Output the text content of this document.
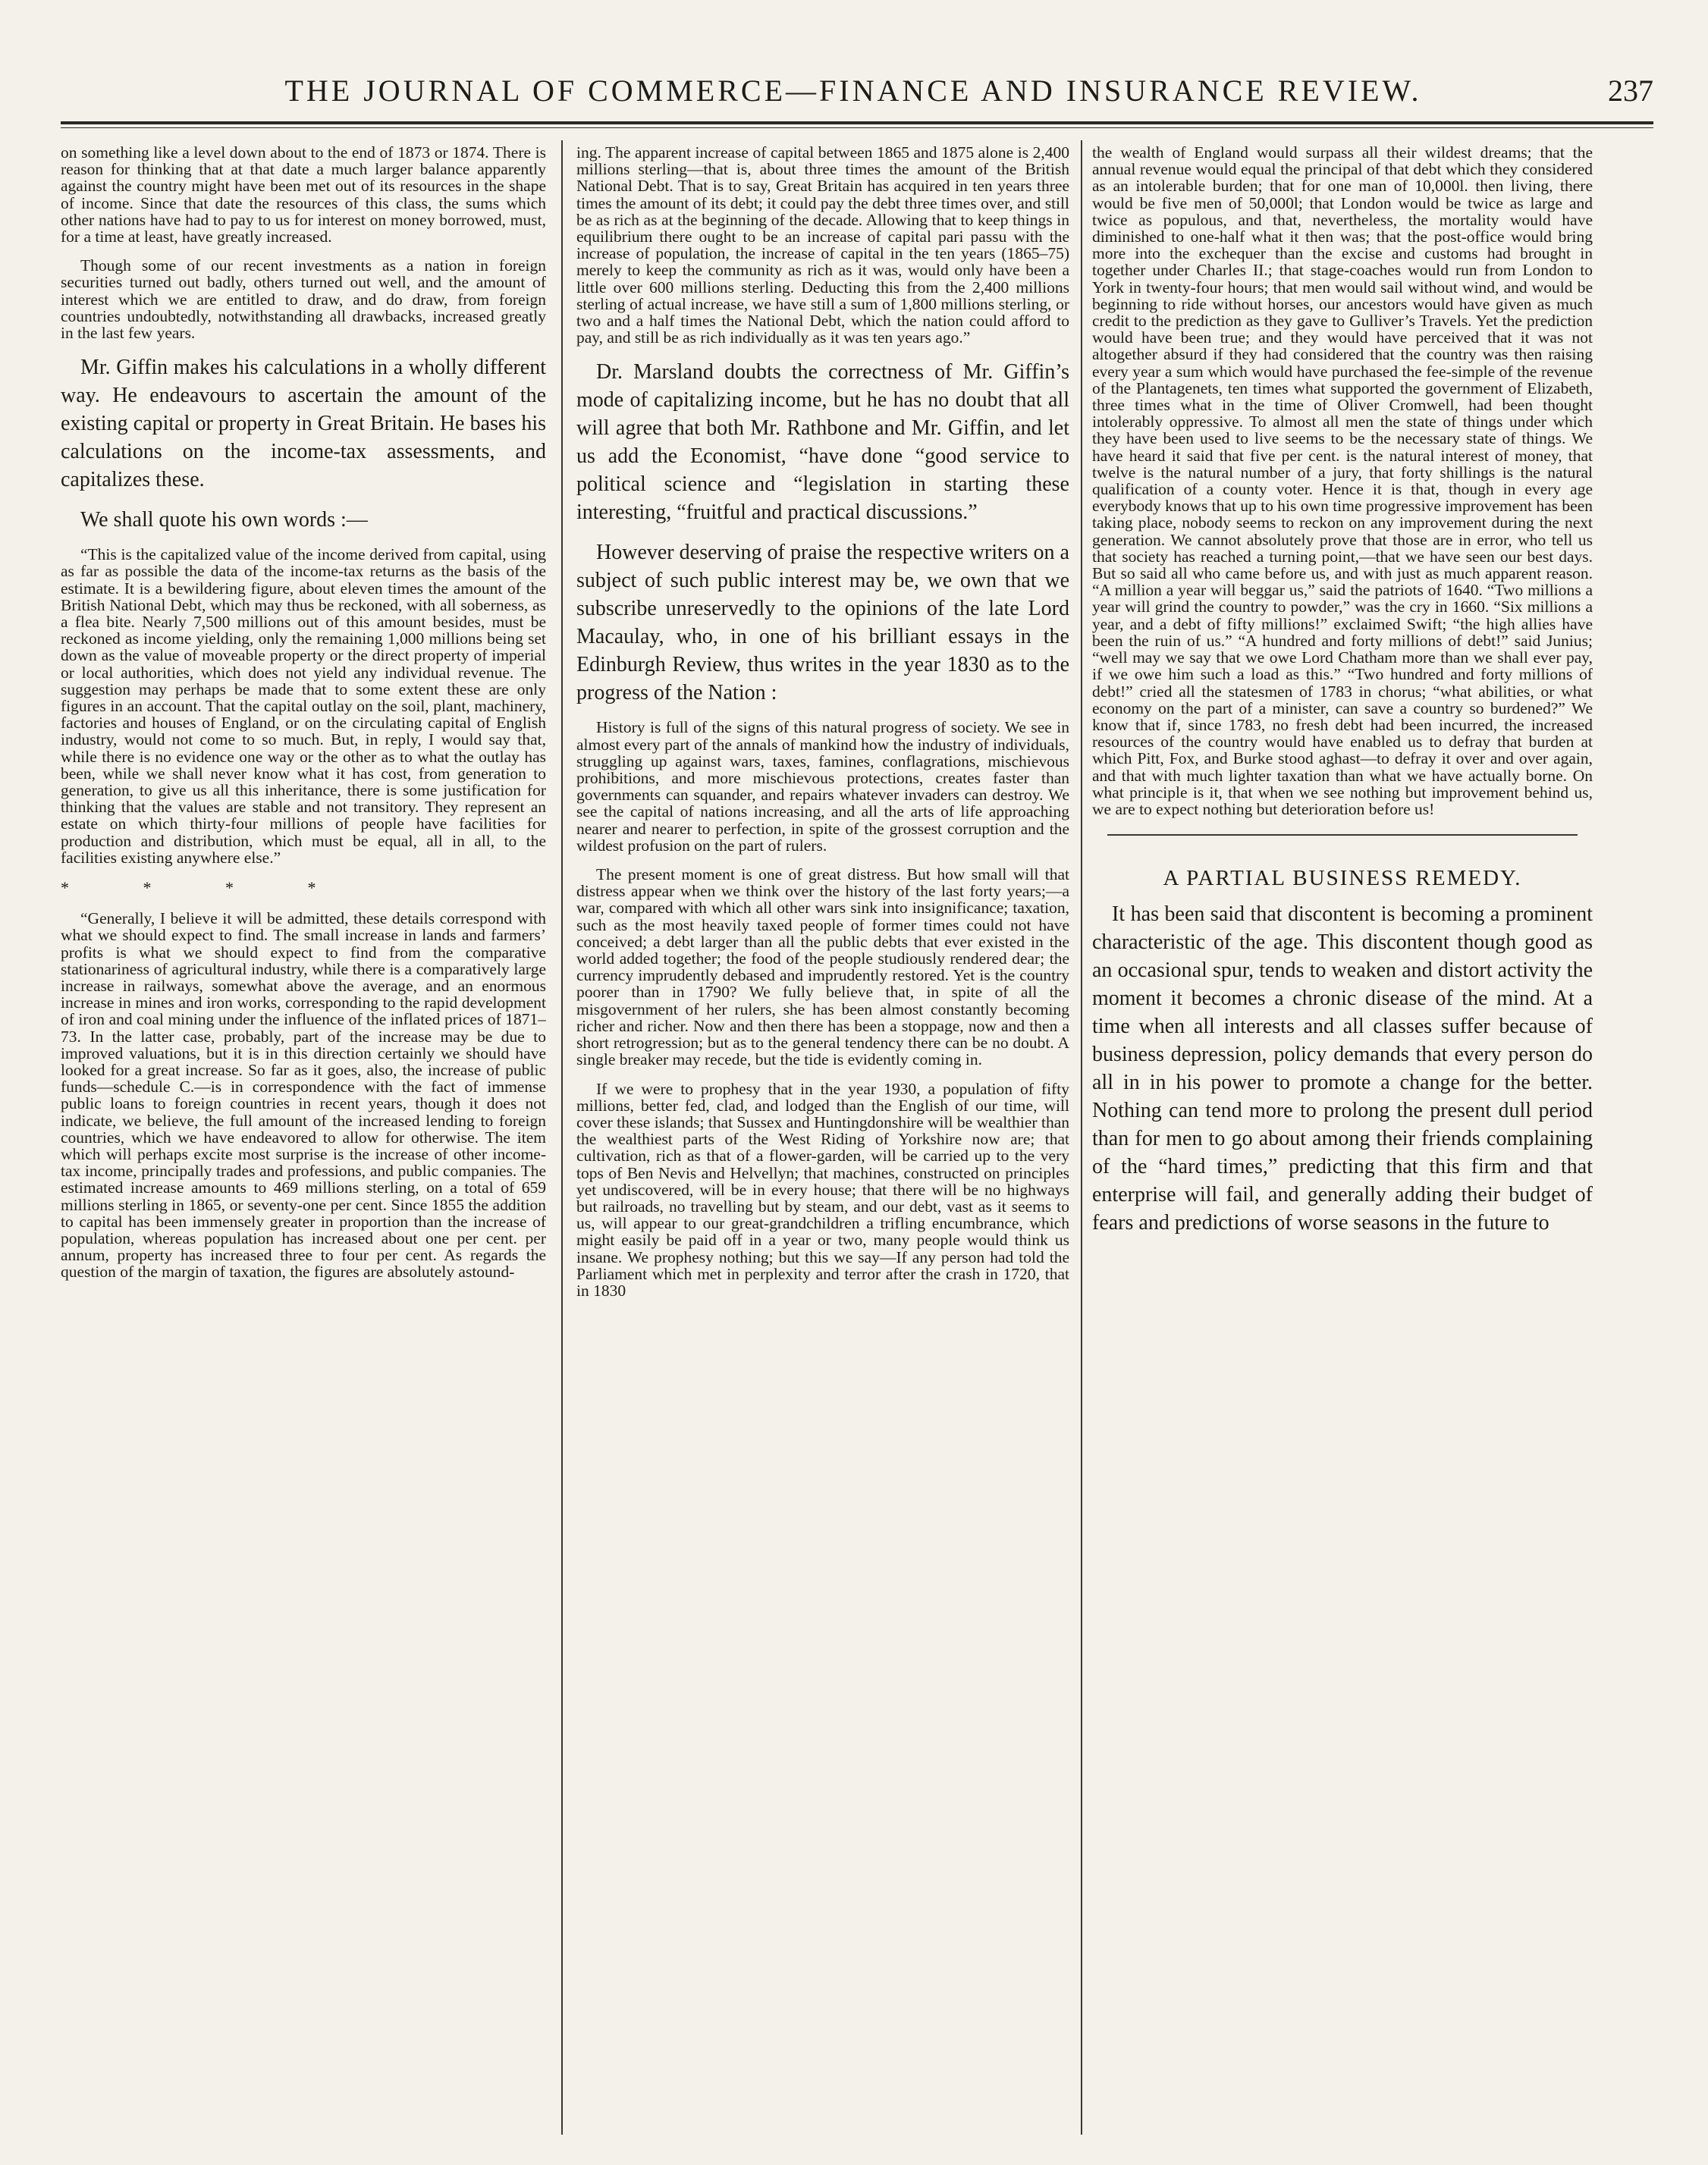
THE JOURNAL OF COMMERCE—FINANCE AND INSURANCE REVIEW.	237

on something like a level down about to the end of 1873 or 1874. There is reason for thinking that at that date a much larger balance apparently against the country might have been met out of its resources in the shape of income. Since that date the resources of this class, the sums which other nations have had to pay to us for interest on money borrowed, must, for a time at least, have greatly increased.

Though some of our recent investments as a nation in foreign securities turned out badly, others turned out well, and the amount of interest which we are entitled to draw, and do draw, from foreign countries undoubtedly, notwithstanding all drawbacks, increased greatly in the last few years.

Mr. Giffin makes his calculations in a wholly different way. He endeavours to ascertain the amount of the existing capital or property in Great Britain. He bases his calculations on the income-tax assessments, and capitalizes these.

We shall quote his own words :—

“This is the capitalized value of the income derived from capital, using as far as possible the data of the income-tax returns as the basis of the estimate. It is a bewildering figure, about eleven times the amount of the British National Debt, which may thus be reckoned, with all soberness, as a flea bite. Nearly 7,500 millions out of this amount besides, must be reckoned as income yielding, only the remaining 1,000 millions being set down as the value of moveable property or the direct property of imperial or local authorities, which does not yield any individual revenue. The suggestion may perhaps be made that to some extent these are only figures in an account. That the capital outlay on the soil, plant, machinery, factories and houses of England, or on the circulating capital of English industry, would not come to so much. But, in reply, I would say that, while there is no evidence one way or the other as to what the outlay has been, while we shall never know what it has cost, from generation to generation, to give us all this inheritance, there is some justification for thinking that the values are stable and not transitory. They represent an estate on which thirty-four millions of people have facilities for production and distribution, which must be equal, all in all, to the facilities existing anywhere else.”

* * * *

“Generally, I believe it will be admitted, these details correspond with what we should expect to find. The small increase in lands and farmers’ profits is what we should expect to find from the comparative stationariness of agricultural industry, while there is a comparatively large increase in railways, somewhat above the average, and an enormous increase in mines and iron works, corresponding to the rapid development of iron and coal mining under the influence of the inflated prices of 1871–73. In the latter case, probably, part of the increase may be due to improved valuations, but it is in this direction certainly we should have looked for a great increase. So far as it goes, also, the increase of public funds—schedule C.—is in correspondence with the fact of immense public loans to foreign countries in recent years, though it does not indicate, we believe, the full amount of the increased lending to foreign countries, which we have endeavored to allow for otherwise. The item which will perhaps excite most surprise is the increase of other income-tax income, principally trades and professions, and public companies. The estimated increase amounts to 469 millions sterling, on a total of 659 millions sterling in 1865, or seventy-one per cent. Since 1855 the addition to capital has been immensely greater in proportion than the increase of population, whereas population has increased about one per cent. per annum, property has increased three to four per cent. As regards the question of the margin of taxation, the figures are absolutely astound-

ing. The apparent increase of capital between 1865 and 1875 alone is 2,400 millions sterling—that is, about three times the amount of the British National Debt. That is to say, Great Britain has acquired in ten years three times the amount of its debt; it could pay the debt three times over, and still be as rich as at the beginning of the decade. Allowing that to keep things in equilibrium there ought to be an increase of capital pari passu with the increase of population, the increase of capital in the ten years (1865–75) merely to keep the community as rich as it was, would only have been a little over 600 millions sterling. Deducting this from the 2,400 millions sterling of actual increase, we have still a sum of 1,800 millions sterling, or two and a half times the National Debt, which the nation could afford to pay, and still be as rich individually as it was ten years ago.”

Dr. Marsland doubts the correctness of Mr. Giffin’s mode of capitalizing income, but he has no doubt that all will agree that both Mr. Rathbone and Mr. Giffin, and let us add the Economist, “have done “good service to political science and “legislation in starting these interesting, “fruitful and practical discussions.”

However deserving of praise the respective writers on a subject of such public interest may be, we own that we subscribe unreservedly to the opinions of the late Lord Macaulay, who, in one of his brilliant essays in the Edinburgh Review, thus writes in the year 1830 as to the progress of the Nation :

History is full of the signs of this natural progress of society. We see in almost every part of the annals of mankind how the industry of individuals, struggling up against wars, taxes, famines, conflagrations, mischievous prohibitions, and more mischievous protections, creates faster than governments can squander, and repairs whatever invaders can destroy. We see the capital of nations increasing, and all the arts of life approaching nearer and nearer to perfection, in spite of the grossest corruption and the wildest profusion on the part of rulers.

The present moment is one of great distress. But how small will that distress appear when we think over the history of the last forty years;—a war, compared with which all other wars sink into insignificance; taxation, such as the most heavily taxed people of former times could not have conceived; a debt larger than all the public debts that ever existed in the world added together; the food of the people studiously rendered dear; the currency imprudently debased and imprudently restored. Yet is the country poorer than in 1790? We fully believe that, in spite of all the misgovernment of her rulers, she has been almost constantly becoming richer and richer. Now and then there has been a stoppage, now and then a short retrogression; but as to the general tendency there can be no doubt. A single breaker may recede, but the tide is evidently coming in.

If we were to prophesy that in the year 1930, a population of fifty millions, better fed, clad, and lodged than the English of our time, will cover these islands; that Sussex and Huntingdonshire will be wealthier than the wealthiest parts of the West Riding of Yorkshire now are; that cultivation, rich as that of a flower-garden, will be carried up to the very tops of Ben Nevis and Helvellyn; that machines, constructed on principles yet undiscovered, will be in every house; that there will be no highways but railroads, no travelling but by steam, and our debt, vast as it seems to us, will appear to our great-grandchildren a trifling encumbrance, which might easily be paid off in a year or two, many people would think us insane. We prophesy nothing; but this we say—If any person had told the Parliament which met in perplexity and terror after the crash in 1720, that in 1830

the wealth of England would surpass all their wildest dreams; that the annual revenue would equal the principal of that debt which they considered as an intolerable burden; that for one man of 10,000l. then living, there would be five men of 50,000l; that London would be twice as large and twice as populous, and that, nevertheless, the mortality would have diminished to one-half what it then was; that the post-office would bring more into the exchequer than the excise and customs had brought in together under Charles II.; that stage-coaches would run from London to York in twenty-four hours; that men would sail without wind, and would be beginning to ride without horses, our ancestors would have given as much credit to the prediction as they gave to Gulliver’s Travels. Yet the prediction would have been true; and they would have perceived that it was not altogether absurd if they had considered that the country was then raising every year a sum which would have purchased the fee-simple of the revenue of the Plantagenets, ten times what supported the government of Elizabeth, three times what in the time of Oliver Cromwell, had been thought intolerably oppressive. To almost all men the state of things under which they have been used to live seems to be the necessary state of things. We have heard it said that five per cent. is the natural interest of money, that twelve is the natural number of a jury, that forty shillings is the natural qualification of a county voter. Hence it is that, though in every age everybody knows that up to his own time progressive improvement has been taking place, nobody seems to reckon on any improvement during the next generation. We cannot absolutely prove that those are in error, who tell us that society has reached a turning point,—that we have seen our best days. But so said all who came before us, and with just as much apparent reason. “A million a year will beggar us,” said the patriots of 1640. “Two millions a year will grind the country to powder,” was the cry in 1660. “Six millions a year, and a debt of fifty millions!” exclaimed Swift; “the high allies have been the ruin of us.” “A hundred and forty millions of debt!” said Junius; “well may we say that we owe Lord Chatham more than we shall ever pay, if we owe him such a load as this.” “Two hundred and forty millions of debt!” cried all the statesmen of 1783 in chorus; “what abilities, or what economy on the part of a minister, can save a country so burdened?” We know that if, since 1783, no fresh debt had been incurred, the increased resources of the country would have enabled us to defray that burden at which Pitt, Fox, and Burke stood aghast—to defray it over and over again, and that with much lighter taxation than what we have actually borne. On what principle is it, that when we see nothing but improvement behind us, we are to expect nothing but deterioration before us!

A PARTIAL BUSINESS REMEDY.

It has been said that discontent is becoming a prominent characteristic of the age. This discontent though good as an occasional spur, tends to weaken and distort activity the moment it becomes a chronic disease of the mind. At a time when all interests and all classes suffer because of business depression, policy demands that every person do all in in his power to promote a change for the better. Nothing can tend more to prolong the present dull period than for men to go about among their friends complaining of the “hard times,” predicting that this firm and that enterprise will fail, and generally adding their budget of fears and predictions of worse seasons in the future to
